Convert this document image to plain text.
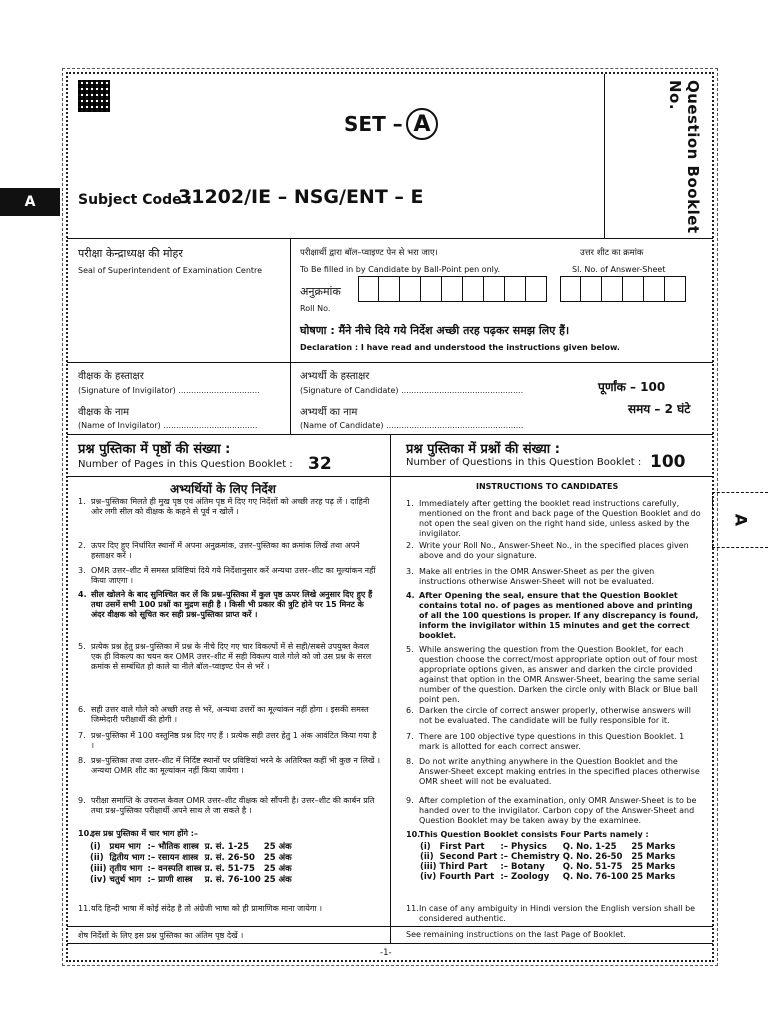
SET – A	Question Booklet No.
A
A
Subject Code :
31202/IE – NSG/ENT – E
परीक्षा केन्द्राध्यक्ष की मोहर
Seal of Superintendent of Examination Centre
परीक्षार्थी द्वारा बॉल–प्वाइण्ट पेन से भरा जाए।
To Be filled in by Candidate by Ball-Point pen only.
उत्तर शीट का क्रमांक
Sl. No. of Answer-Sheet
अनुक्रमांक
Roll No.
घोषणा : मैंने नीचे दिये गये निर्देश अच्छी तरह पढ़कर समझ लिए हैं।
Declaration : I have read and understood the instructions given below.
वीक्षक के हस्ताक्षर
(Signature of Invigilator) ................................
वीक्षक के नाम
(Name of Invigilator) .....................................
अभ्यर्थी के हस्ताक्षर
(Signature of Candidate) ................................................
अभ्यर्थी का नाम
(Name of Candidate) ......................................................
पूर्णांक – 100
समय – 2 घंटे
प्रश्न पुस्तिका में पृष्ठों की संख्या :
Number of Pages in this Question Booklet : 32
प्रश्न पुस्तिका में प्रश्नों की संख्या :
Number of Questions in this Question Booklet : 100
अभ्यर्थियों के लिए निर्देश	INSTRUCTIONS TO CANDIDATES
1. प्रश्न–पुस्तिका मिलते ही मुख पृष्ठ एवं अंतिम पृष्ठ में दिए गए निर्देशों को अच्छी तरह पढ़ लें । दाहिनी ओर लगी सील को वीक्षक के कहने से पूर्व न खोलें ।
2. ऊपर दिए हुए निर्धारित स्थानों में अपना अनुक्रमांक, उत्तर–पुस्तिका का क्रमांक लिखें तथा अपने हस्ताक्षर करें ।
3. OMR उत्तर–शीट में समस्त प्रविष्टियां दिये गये निर्देशानुसार करें अन्यथा उत्तर–शीट का मूल्यांकन नहीं किया जाएगा ।
4. सील खोलने के बाद सुनिश्चित कर लें कि प्रश्न–पुस्तिका में कुल पृष्ठ ऊपर लिखे अनुसार दिए हुए हैं तथा उसमें सभी 100 प्रश्नों का मुद्रण सही है । किसी भी प्रकार की त्रुटि होने पर 15 मिनट के अंदर वीक्षक को सूचित कर सही प्रश्न–पुस्तिका प्राप्त करें ।
5. प्रत्येक प्रश्न हेतु प्रश्न–पुस्तिका में प्रश्न के नीचे दिए गए चार विकल्पों में से सही/सबसे उपयुक्त केवल एक ही विकल्प का चयन कर OMR उत्तर–शीट में सही विकल्प वाले गोले को जो उस प्रश्न के सरल क्रमांक से सम्बंधित हो काले या नीले बॉल–प्वाइण्ट पेन से भरें ।
6. सही उत्तर वाले गोले को अच्छी तरह से भरें, अन्यथा उत्तरों का मूल्यांकन नहीं होगा । इसकी समस्त जिम्मेदारी परीक्षार्थी की होगी ।
7. प्रश्न–पुस्तिका में 100 वस्तुनिष्ठ प्रश्न दिए गए हैं । प्रत्येक सही उत्तर हेतु 1 अंक आवंटित किया गया है ।
8. प्रश्न–पुस्तिका तथा उत्तर–शीट में निर्दिष्ट स्थानों पर प्रविष्टियां भरने के अतिरिक्त कहीं भी कुछ न लिखें । अन्यथा OMR शीट का मूल्यांकन नहीं किया जायेगा ।
9. परीक्षा समाप्ति के उपरान्त केवल OMR उत्तर–शीट वीक्षक को सौंपनी है। उत्तर–शीट की कार्बन प्रति तथा प्रश्न–पुस्तिका परीक्षार्थी अपने साथ ले जा सकते है ।
10.
इस प्रश्न पुस्तिका में चार भाग होंगे :–
(i)	प्रथम भाग	:–	भौतिक शास्त्र	प्र. सं. 1-25	25 अंक
(ii)	द्वितीय भाग	:–	रसायन शास्त्र	प्र. सं. 26-50	25 अंक
(iii)	तृतीय भाग	:–	वनस्पति शास्त्र	प्र. सं. 51-75	25 अंक
(iv)	चतुर्थ भाग	:–	प्राणी शास्त्र	प्र. सं. 76-100	25 अंक
11. यदि हिन्दी भाषा में कोई संदेह है तो अंग्रेजी भाषा को ही प्रामाणिक माना जायेगा ।
1. Immediately after getting the booklet read instructions carefully, mentioned on the front and back page of the Question Booklet and do not open the seal given on the right hand side, unless asked by the invigilator.
2. Write your Roll No., Answer-Sheet No., in the specified places given above and do your signature.
3. Make all entries in the OMR Answer-Sheet as per the given instructions otherwise Answer-Sheet will not be evaluated.
4. After Opening the seal, ensure that the Question Booklet contains total no. of pages as mentioned above and printing of all the 100 questions is proper. If any discrepancy is found, inform the invigilator within 15 minutes and get the correct booklet.
5. While answering the question from the Question Booklet, for each question choose the correct/most appropriate option out of four most appropriate options given, as answer and darken the circle provided against that option in the OMR Answer-Sheet, bearing the same serial number of the question. Darken the circle only with Black or Blue ball point pen.
6. Darken the circle of correct answer properly, otherwise answers will not be evaluated. The candidate will be fully responsible for it.
7. There are 100 objective type questions in this Question Booklet. 1 mark is allotted for each correct answer.
8. Do not write anything anywhere in the Question Booklet and the Answer-Sheet except making entries in the specified places otherwise OMR sheet will not be evaluated.
9. After completion of the examination, only OMR Answer-Sheet is to be handed over to the invigilator. Carbon copy of the Answer-Sheet and Question Booklet may be taken away by the examinee.
10.
This Question Booklet consists Four Parts namely :
(i)	First Part	:–	Physics	Q. No. 1-25	25 Marks
(ii)	Second Part	:–	Chemistry	Q. No. 26-50	25 Marks
(iii)	Third Part	:–	Botany	Q. No. 51-75	25 Marks
(iv)	Fourth Part	:–	Zoology	Q. No. 76-100	25 Marks
11. In case of any ambiguity in Hindi version the English version shall be considered authentic.
शेष निर्देशों के लिए इस प्रश्न पुस्तिका का अंतिम पृष्ठ देखें ।	See remaining instructions on the last Page of Booklet.
-1-
